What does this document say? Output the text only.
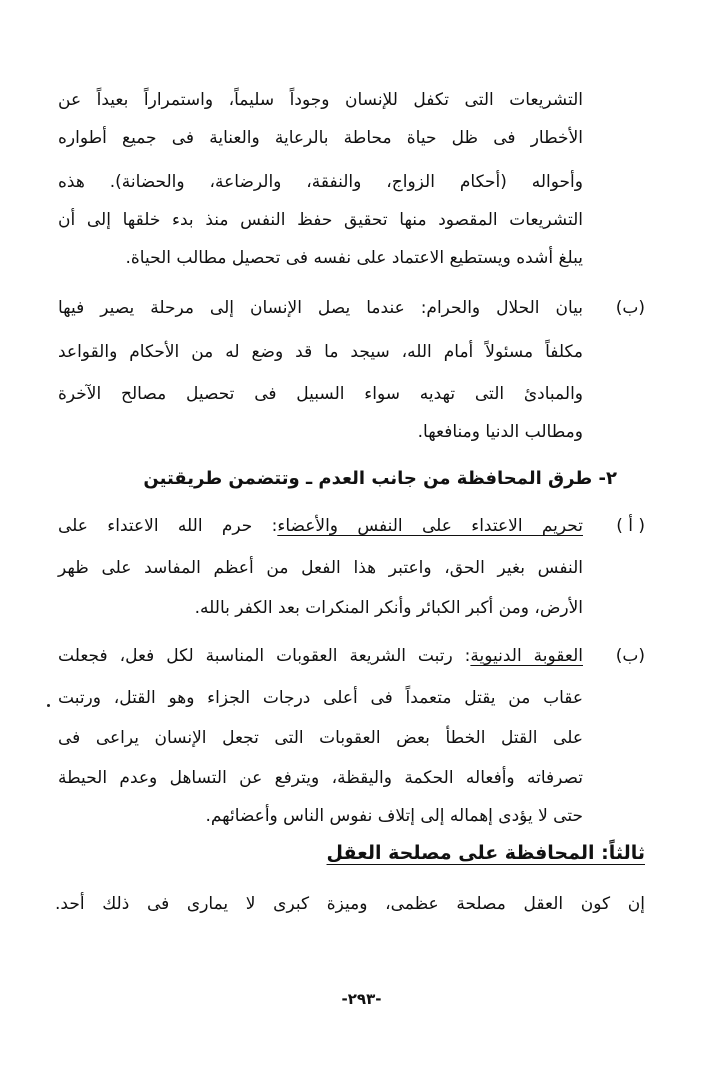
التشريعات التى تكفل للإنسان وجوداً سليماً، واستمراراً بعيداً عن
الأخطار فى ظل حياة محاطة بالرعاية والعناية فى جميع أطواره
وأحواله (أحكام الزواج، والنفقة، والرضاعة، والحضانة). هذه
التشريعات المقصود منها تحقيق حفظ النفس منذ بدء خلقها إلى أن
يبلغ أشده ويستطيع الاعتماد على نفسه فى تحصيل مطالب الحياة.
(ب)
بيان الحلال والحرام: عندما يصل الإنسان إلى مرحلة يصير فيها
مكلفاً مسئولاً أمام الله، سيجد ما قد وضع له من الأحكام والقواعد
والمبادئ التى تهديه سواء السبيل فى تحصيل مصالح الآخرة
ومطالب الدنيا ومنافعها.
٢- طرق المحافظة من جانب العدم ـ وتتضمن طريقتين
( أ )
تحريم الاعتداء على النفس والأعضاء: حرم الله الاعتداء على
النفس بغير الحق، واعتبر هذا الفعل من أعظم المفاسد على ظهر
الأرض، ومن أكبر الكبائر وأنكر المنكرات بعد الكفر بالله.
(ب)
العقوبة الدنيوية: رتبت الشريعة العقوبات المناسبة لكل فعل، فجعلت
عقاب من يقتل متعمداً فى أعلى درجات الجزاء وهو القتل، ورتبت
على القتل الخطأ بعض العقوبات التى تجعل الإنسان يراعى فى
تصرفاته وأفعاله الحكمة واليقظة، ويترفع عن التساهل وعدم الحيطة
حتى لا يؤدى إهماله إلى إتلاف نفوس الناس وأعضائهم.
ثالثاً: المحافظة على مصلحة العقل
إن كون العقل مصلحة عظمى، وميزة كبرى لا يمارى فى ذلك أحد.
-٢٩٣-
